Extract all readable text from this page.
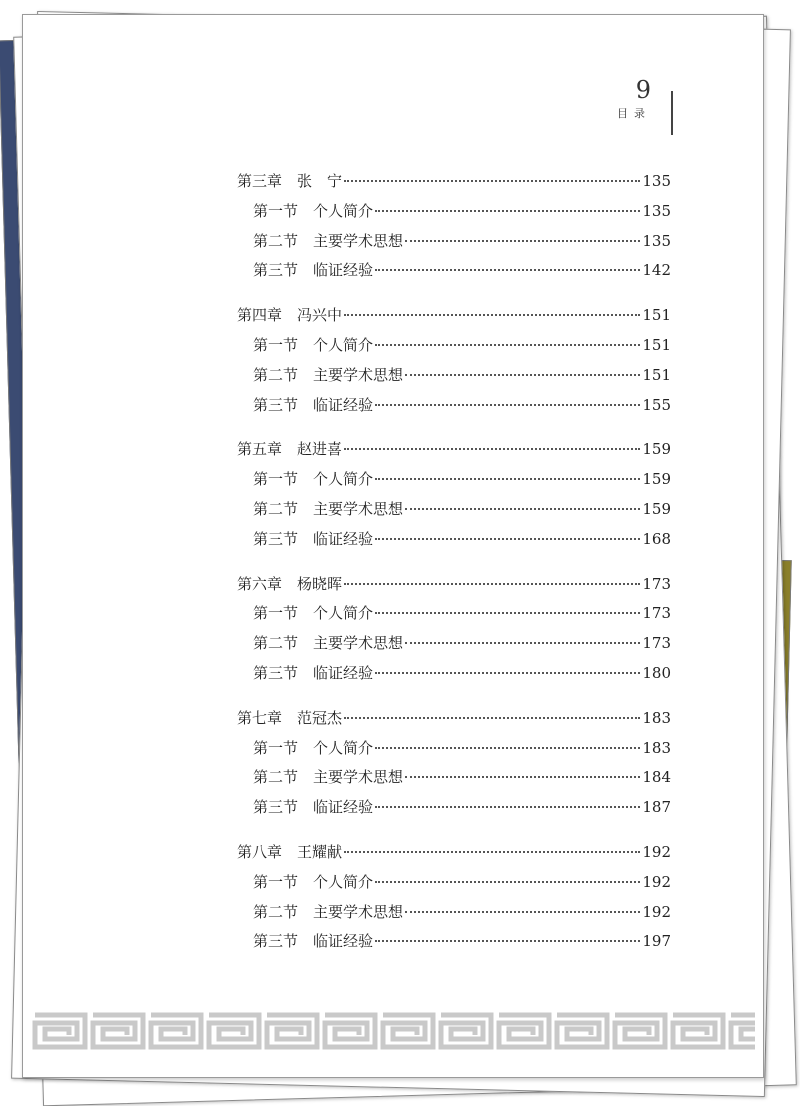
9
目录
第三章　张　宁	135
第一节　个人简介	135
第二节　主要学术思想	135
第三节　临证经验	142
第四章　冯兴中	151
第一节　个人简介	151
第二节　主要学术思想	151
第三节　临证经验	155
第五章　赵进喜	159
第一节　个人简介	159
第二节　主要学术思想	159
第三节　临证经验	168
第六章　杨晓晖	173
第一节　个人简介	173
第二节　主要学术思想	173
第三节　临证经验	180
第七章　范冠杰	183
第一节　个人简介	183
第二节　主要学术思想	184
第三节　临证经验	187
第八章　王耀献	192
第一节　个人简介	192
第二节　主要学术思想	192
第三节　临证经验	197
